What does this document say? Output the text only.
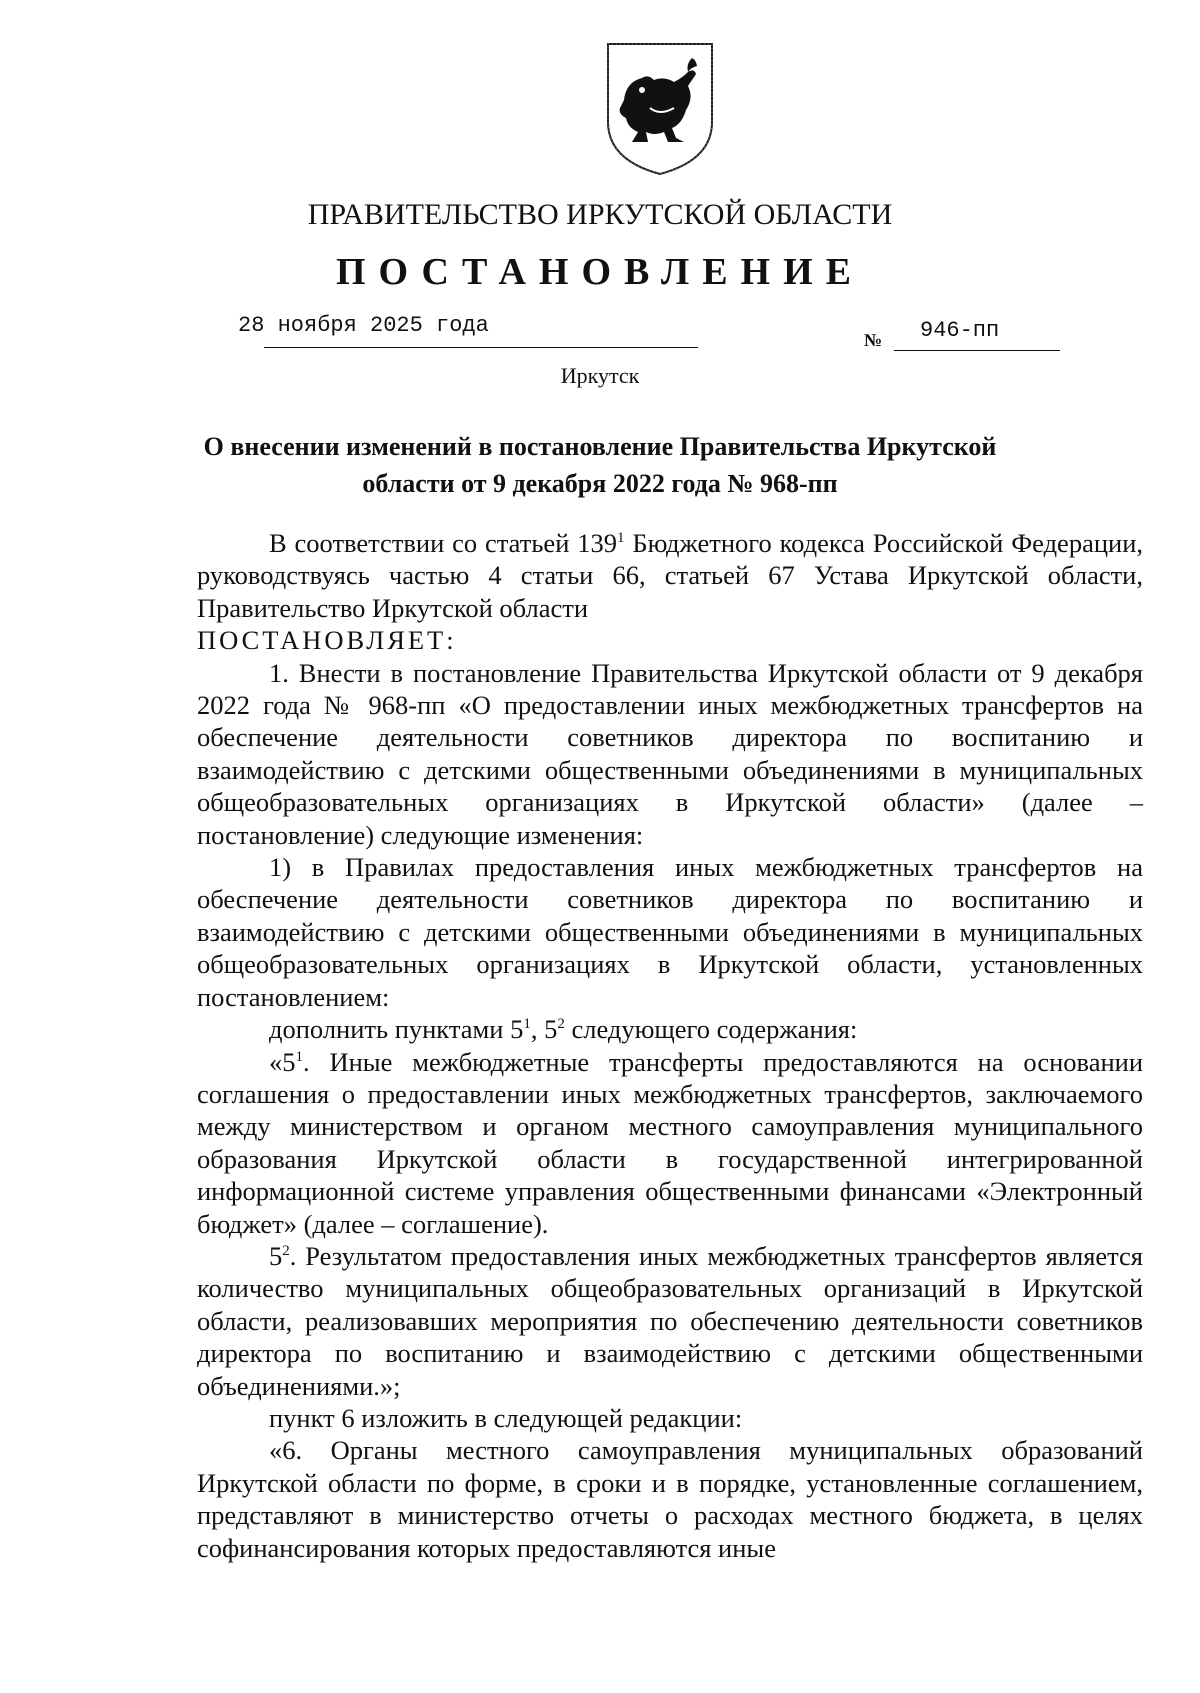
ПРАВИТЕЛЬСТВО ИРКУТСКОЙ ОБЛАСТИ
ПОСТАНОВЛЕНИЕ
28 ноября 2025 года
№ 946-пп
Иркутск
О внесении изменений в постановление Правительства Иркутской
области от 9 декабря 2022 года № 968-пп

В соответствии со статьей $139^1$ Бюджетного кодекса Российской Федерации, руководствуясь частью 4 статьи 66, статьей 67 Устава Иркутской области, Правительство Иркутской области

ПОСТАНОВЛЯЕТ:

1. Внести в постановление Правительства Иркутской области от 9 декабря 2022 года № 968-пп «О предоставлении иных межбюджетных трансфертов на обеспечение деятельности советников директора по воспитанию и взаимодействию с детскими общественными объединениями в муниципальных общеобразовательных организациях в Иркутской области» (далее – постановление) следующие изменения:

1) в Правилах предоставления иных межбюджетных трансфертов на обеспечение деятельности советников директора по воспитанию и взаимодействию с детскими общественными объединениями в муниципальных общеобразовательных организациях в Иркутской области, установленных постановлением:

дополнить пунктами $5^1$, $5^2$ следующего содержания:

«$5^1$. Иные межбюджетные трансферты предоставляются на основании соглашения о предоставлении иных межбюджетных трансфертов, заключаемого между министерством и органом местного самоуправления муниципального образования Иркутской области в государственной интегрированной информационной системе управления общественными финансами «Электронный бюджет» (далее – соглашение).

$5^2$. Результатом предоставления иных межбюджетных трансфертов является количество муниципальных общеобразовательных организаций в Иркутской области, реализовавших мероприятия по обеспечению деятельности советников директора по воспитанию и взаимодействию с детскими общественными объединениями.»;

пункт 6 изложить в следующей редакции:

«6. Органы местного самоуправления муниципальных образований Иркутской области по форме, в сроки и в порядке, установленные соглашением, представляют в министерство отчеты о расходах местного бюджета, в целях софинансирования которых предоставляются иные
